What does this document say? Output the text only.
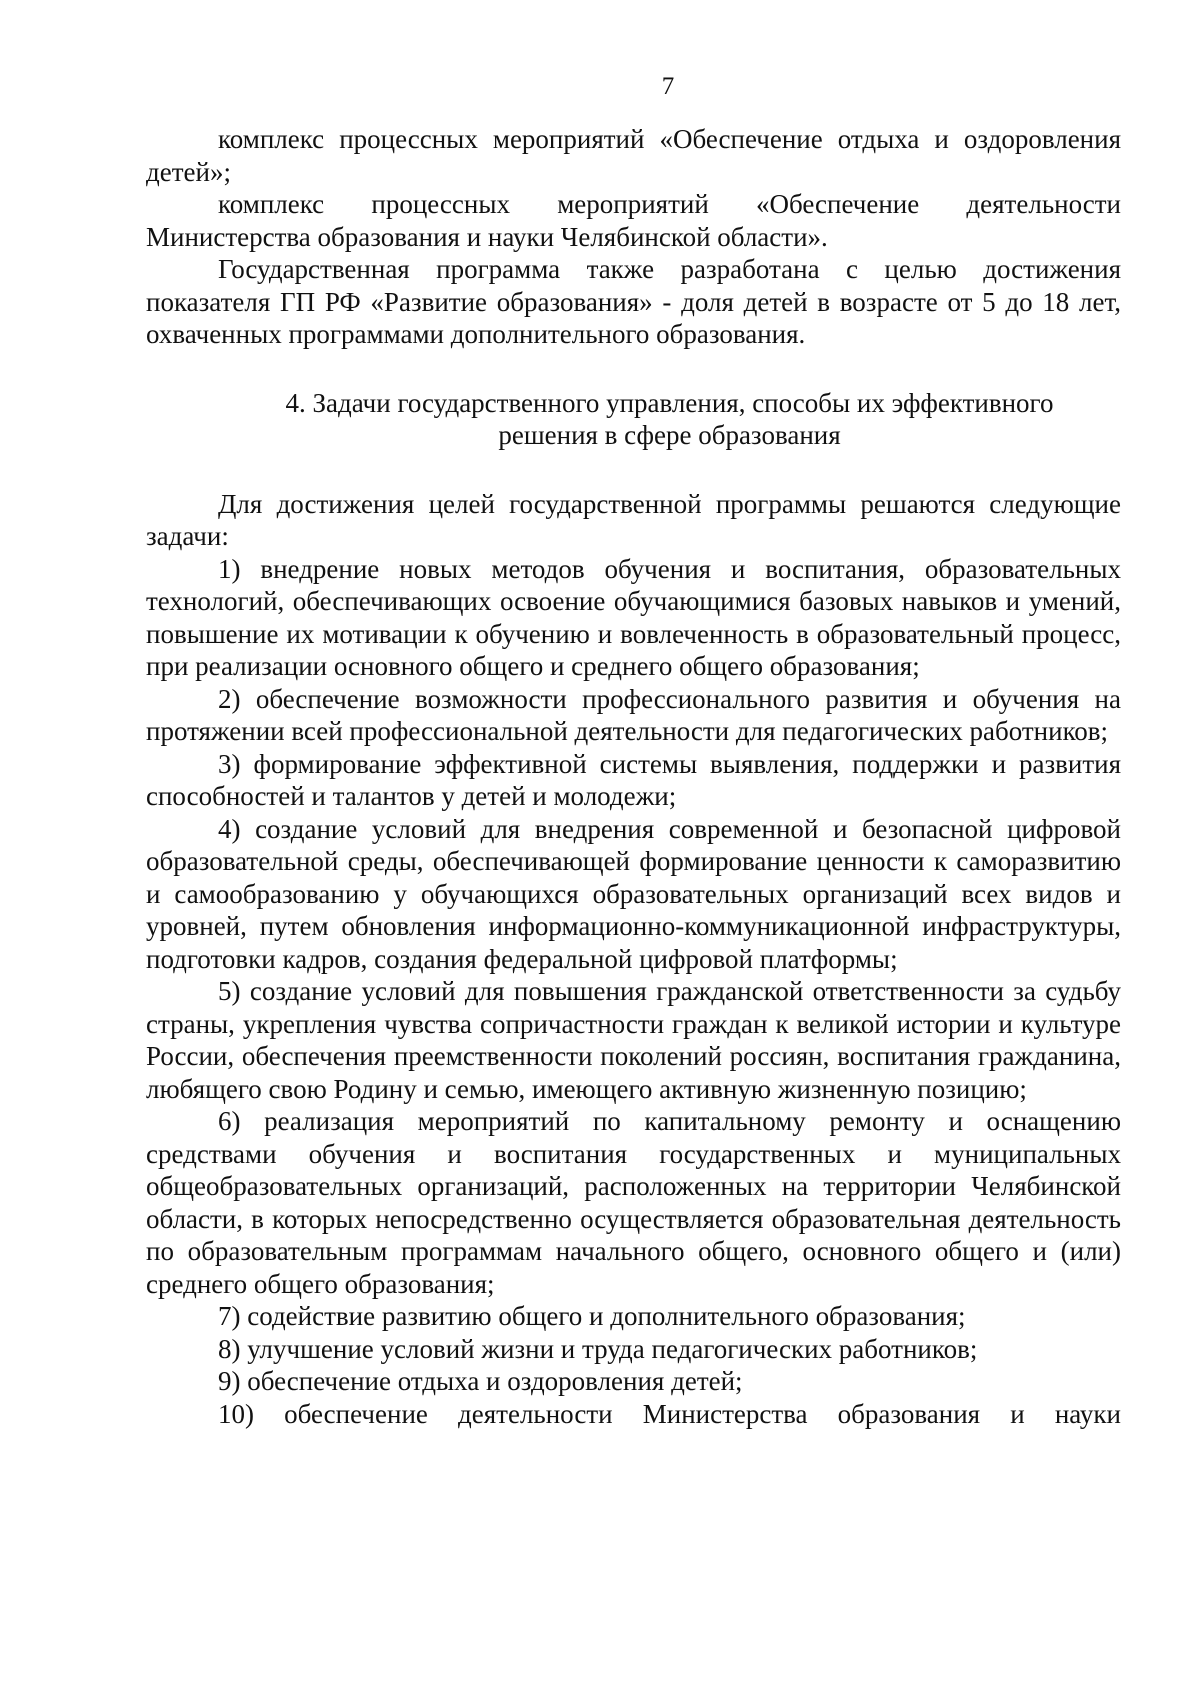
7

комплекс процессных мероприятий «Обеспечение отдыха и оздоровления детей»;

комплекс процессных мероприятий «Обеспечение деятельности Министерства образования и науки Челябинской области».

Государственная программа также разработана с целью достижения показателя ГП РФ «Развитие образования» - доля детей в возрасте от 5 до 18 лет, охваченных программами дополнительного образования.

4. Задачи государственного управления, способы их эффективного
решения в сфере образования

Для достижения целей государственной программы решаются следующие задачи:

1) внедрение новых методов обучения и воспитания, образовательных технологий, обеспечивающих освоение обучающимися базовых навыков и умений, повышение их мотивации к обучению и вовлеченность в образовательный процесс, при реализации основного общего и среднего общего образования;

2) обеспечение возможности профессионального развития и обучения на протяжении всей профессиональной деятельности для педагогических работников;

3) формирование эффективной системы выявления, поддержки и развития способностей и талантов у детей и молодежи;

4) создание условий для внедрения современной и безопасной цифровой образовательной среды, обеспечивающей формирование ценности к саморазвитию и самообразованию у обучающихся образовательных организаций всех видов и уровней, путем обновления информационно-коммуникационной инфраструктуры, подготовки кадров, создания федеральной цифровой платформы;

5) создание условий для повышения гражданской ответственности за судьбу страны, укрепления чувства сопричастности граждан к великой истории и культуре России, обеспечения преемственности поколений россиян, воспитания гражданина, любящего свою Родину и семью, имеющего активную жизненную позицию;

6) реализация мероприятий по капитальному ремонту и оснащению средствами обучения и воспитания государственных и муниципальных общеобразовательных организаций, расположенных на территории Челябинской области, в которых непосредственно осуществляется образовательная деятельность по образовательным программам начального общего, основного общего и (или) среднего общего образования;

7) содействие развитию общего и дополнительного образования;

8) улучшение условий жизни и труда педагогических работников;

9) обеспечение отдыха и оздоровления детей;

10) обеспечение деятельности Министерства образования и науки
